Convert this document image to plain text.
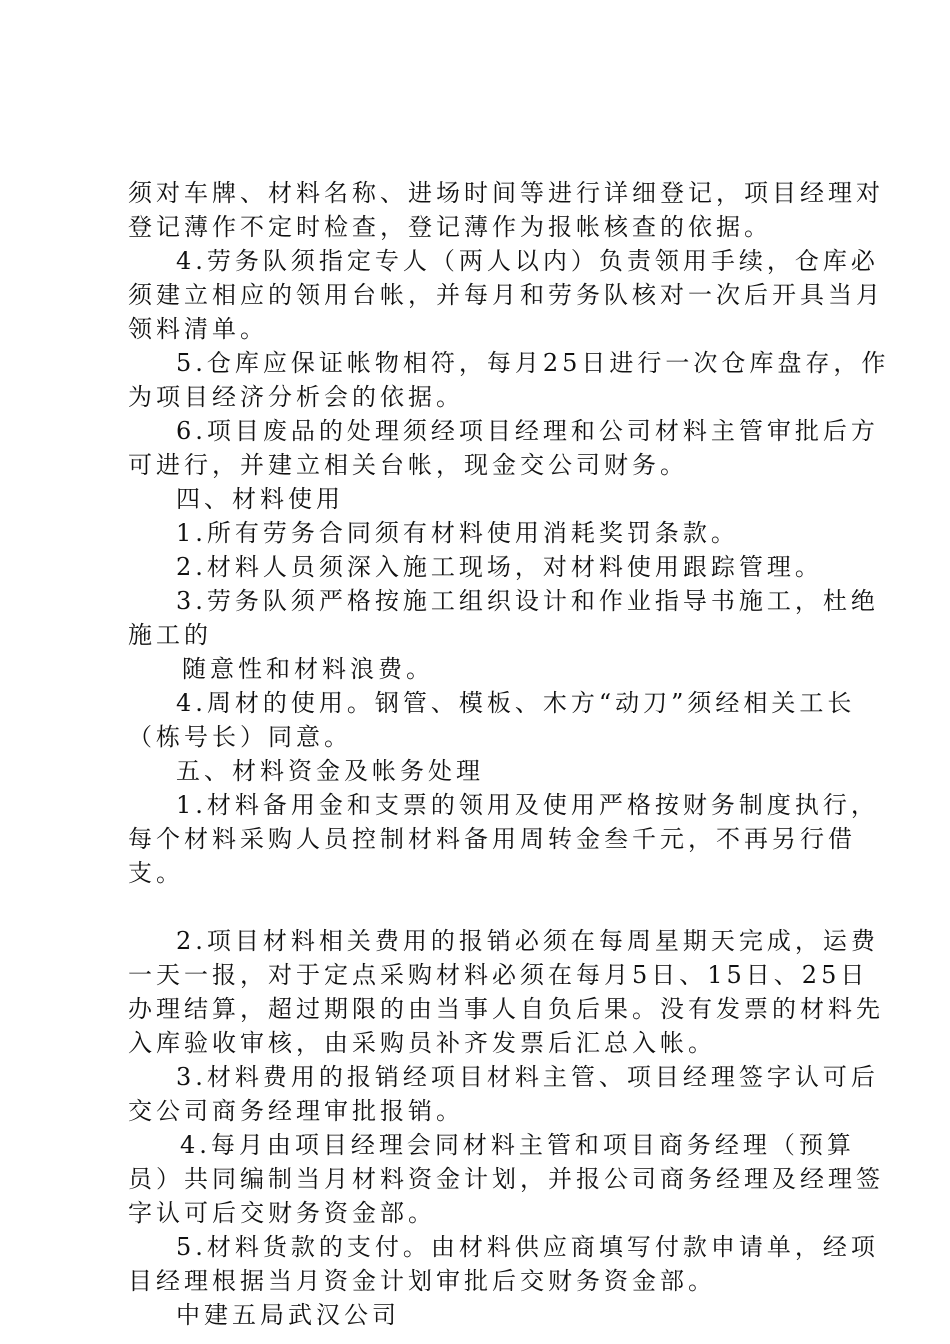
须对车牌、材料名称、进场时间等进行详细登记，项目经理对登记薄作不定时检查，登记薄作为报帐核查的依据。

4.劳务队须指定专人（两人以内）负责领用手续，仓库必须建立相应的领用台帐，并每月和劳务队核对一次后开具当月领料清单。

5.仓库应保证帐物相符，每月25日进行一次仓库盘存，作为项目经济分析会的依据。

6.项目废品的处理须经项目经理和公司材料主管审批后方可进行，并建立相关台帐，现金交公司财务。

四、材料使用

1.所有劳务合同须有材料使用消耗奖罚条款。

2.材料人员须深入施工现场，对材料使用跟踪管理。

3.劳务队须严格按施工组织设计和作业指导书施工，杜绝施工的

随意性和材料浪费。

4.周材的使用。钢管、模板、木方“动刀”须经相关工长（栋号长）同意。

五、材料资金及帐务处理

1.材料备用金和支票的领用及使用严格按财务制度执行，每个材料采购人员控制材料备用周转金叁千元，不再另行借支。

2.项目材料相关费用的报销必须在每周星期天完成，运费一天一报，对于定点采购材料必须在每月5日、15日、25日办理结算，超过期限的由当事人自负后果。没有发票的材料先入库验收审核，由采购员补齐发票后汇总入帐。

3.材料费用的报销经项目材料主管、项目经理签字认可后交公司商务经理审批报销。

4.每月由项目经理会同材料主管和项目商务经理（预算员）共同编制当月材料资金计划，并报公司商务经理及经理签字认可后交财务资金部。

5.材料货款的支付。由材料供应商填写付款申请单，经项目经理根据当月资金计划审批后交财务资金部。

中建五局武汉公司
